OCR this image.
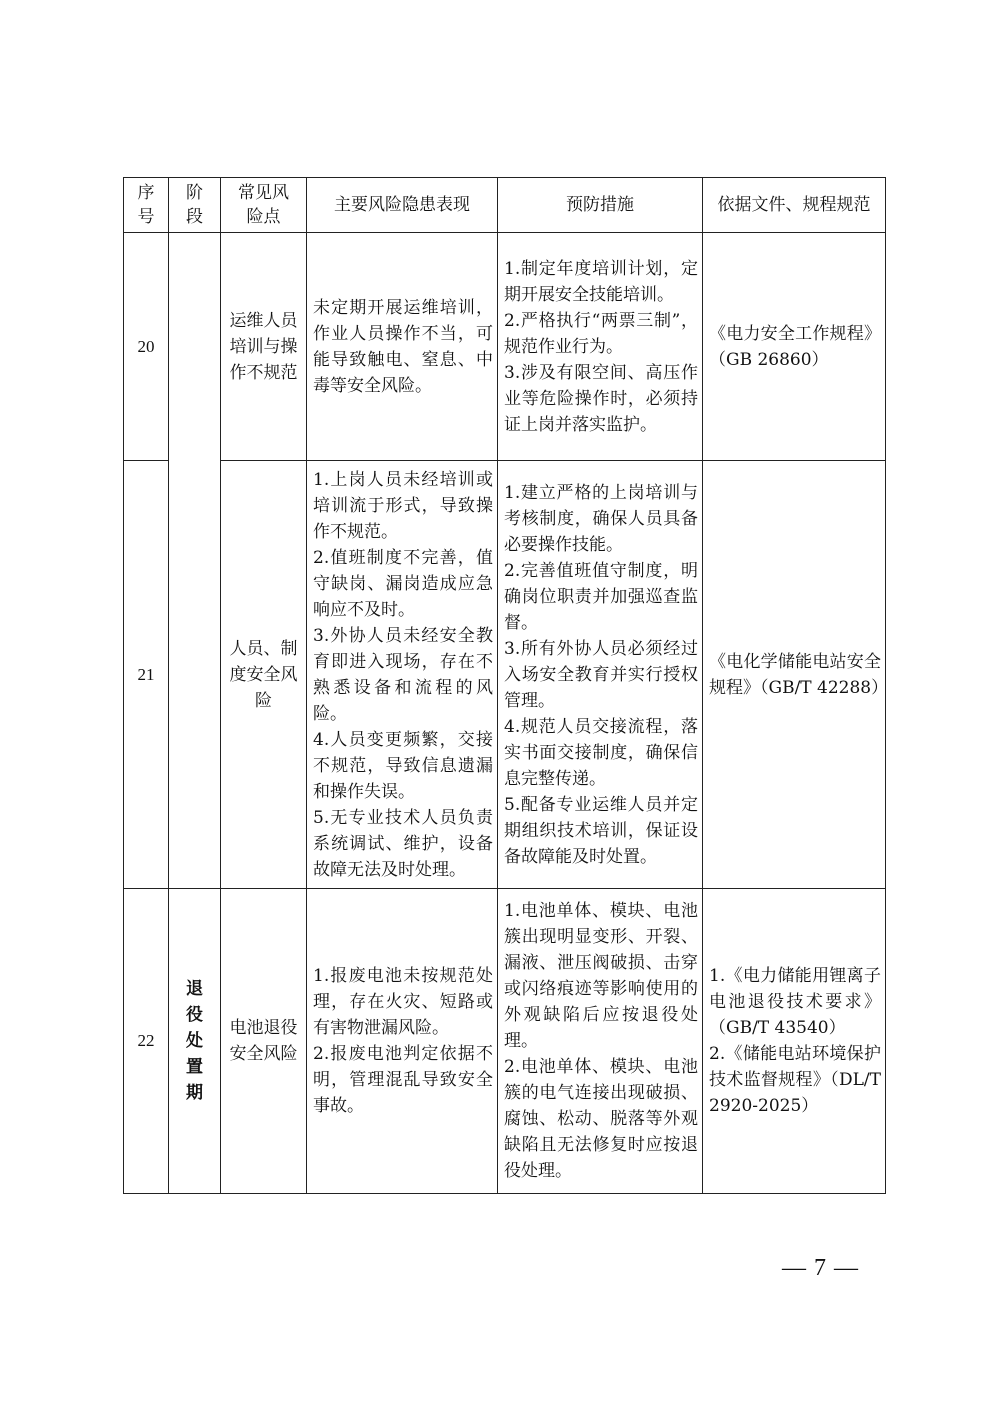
序号	阶段	常见风险点	主要风险隐患表现	预防措施	依据文件、规程规范
20		运维人员培训与操作不规范	未定期开展运维培训，作业人员操作不当，可能导致触电、窒息、中毒等安全风险。	1.制定年度培训计划，定期开展安全技能培训。
2.严格执行“两票三制”，规范作业行为。
3.涉及有限空间、高压作业等危险操作时，必须持证上岗并落实监护。	《电力安全工作规程》（GB 26860）

21		人员、制度安全风险	1.上岗人员未经培训或培训流于形式，导致操作不规范。
2.值班制度不完善，值守缺岗、漏岗造成应急响应不及时。
3.外协人员未经安全教育即进入现场，存在不熟悉设备和流程的风险。
4.人员变更频繁，交接不规范，导致信息遗漏和操作失误。
5.无专业技术人员负责系统调试、维护，设备故障无法及时处理。	1.建立严格的上岗培训与考核制度，确保人员具备必要操作技能。
2.完善值班值守制度，明确岗位职责并加强巡查监督。
3.所有外协人员必须经过入场安全教育并实行授权管理。
4.规范人员交接流程，落实书面交接制度，确保信息完整传递。
5.配备专业运维人员并定期组织技术培训，保证设备故障能及时处置。	《电化学储能电站安全规程》（GB/T 42288）

22	退役处置期	电池退役安全风险	1.报废电池未按规范处理，存在火灾、短路或有害物泄漏风险。
2.报废电池判定依据不明，管理混乱导致安全事故。	1.电池单体、模块、电池簇出现明显变形、开裂、漏液、泄压阀破损、击穿或闪络痕迹等影响使用的外观缺陷后应按退役处理。
2.电池单体、模块、电池簇的电气连接出现破损、腐蚀、松动、脱落等外观缺陷且无法修复时应按退役处理。	1.《电力储能用锂离子电池退役技术要求》（GB/T 43540）
2.《储能电站环境保护技术监督规程》（DL/T 2920-2025）
— 7 —
